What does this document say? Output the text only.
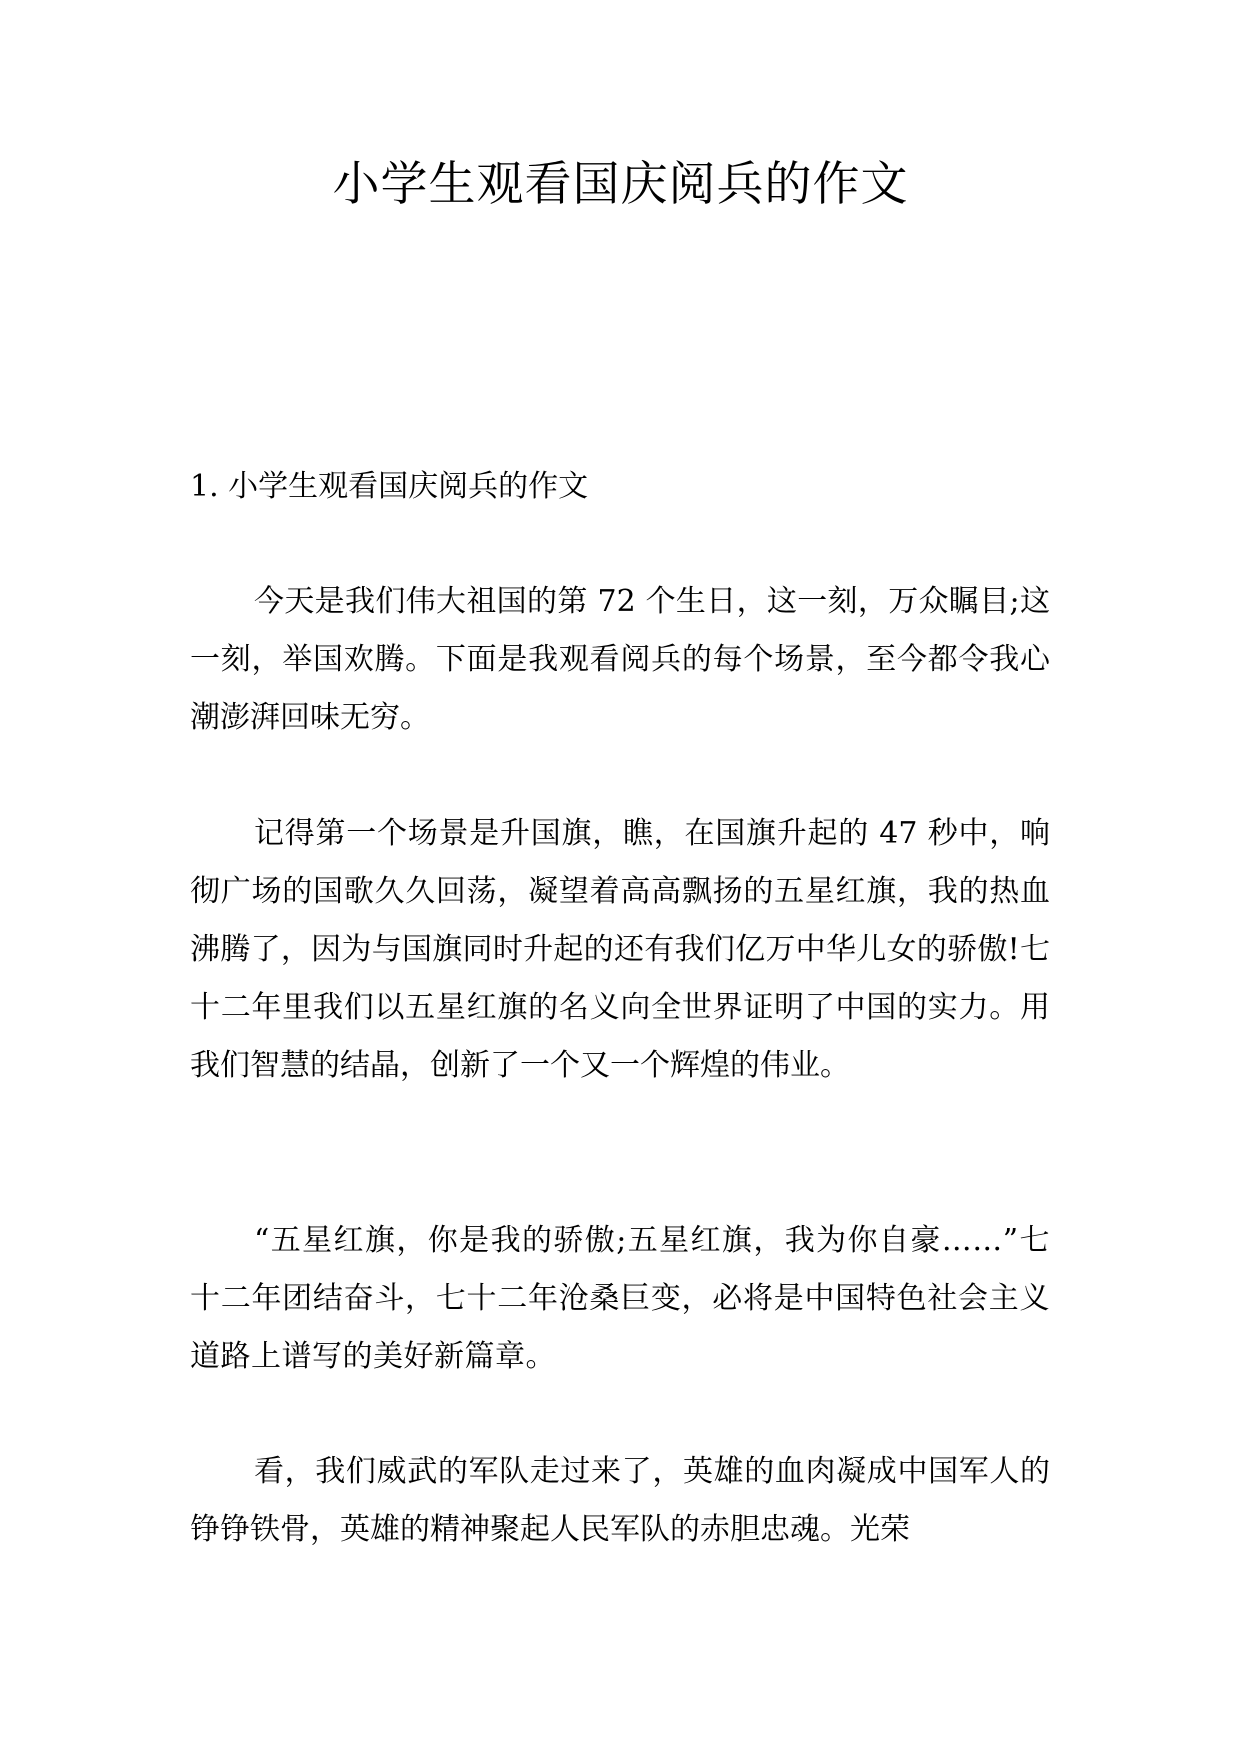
小学生观看国庆阅兵的作文
1. 小学生观看国庆阅兵的作文

今天是我们伟大祖国的第 72 个生日，这一刻，万众瞩目;这一刻，举国欢腾。下面是我观看阅兵的每个场景，至今都令我心潮澎湃回味无穷。

记得第一个场景是升国旗，瞧，在国旗升起的 47 秒中，响彻广场的国歌久久回荡，凝望着高高飘扬的五星红旗，我的热血沸腾了，因为与国旗同时升起的还有我们亿万中华儿女的骄傲!七十二年里我们以五星红旗的名义向全世界证明了中国的实力。用我们智慧的结晶，创新了一个又一个辉煌的伟业。

“五星红旗，你是我的骄傲;五星红旗，我为你自豪……”七十二年团结奋斗，七十二年沧桑巨变，必将是中国特色社会主义道路上谱写的美好新篇章。

看，我们威武的军队走过来了，英雄的血肉凝成中国军人的铮铮铁骨，英雄的精神聚起人民军队的赤胆忠魂。光荣
